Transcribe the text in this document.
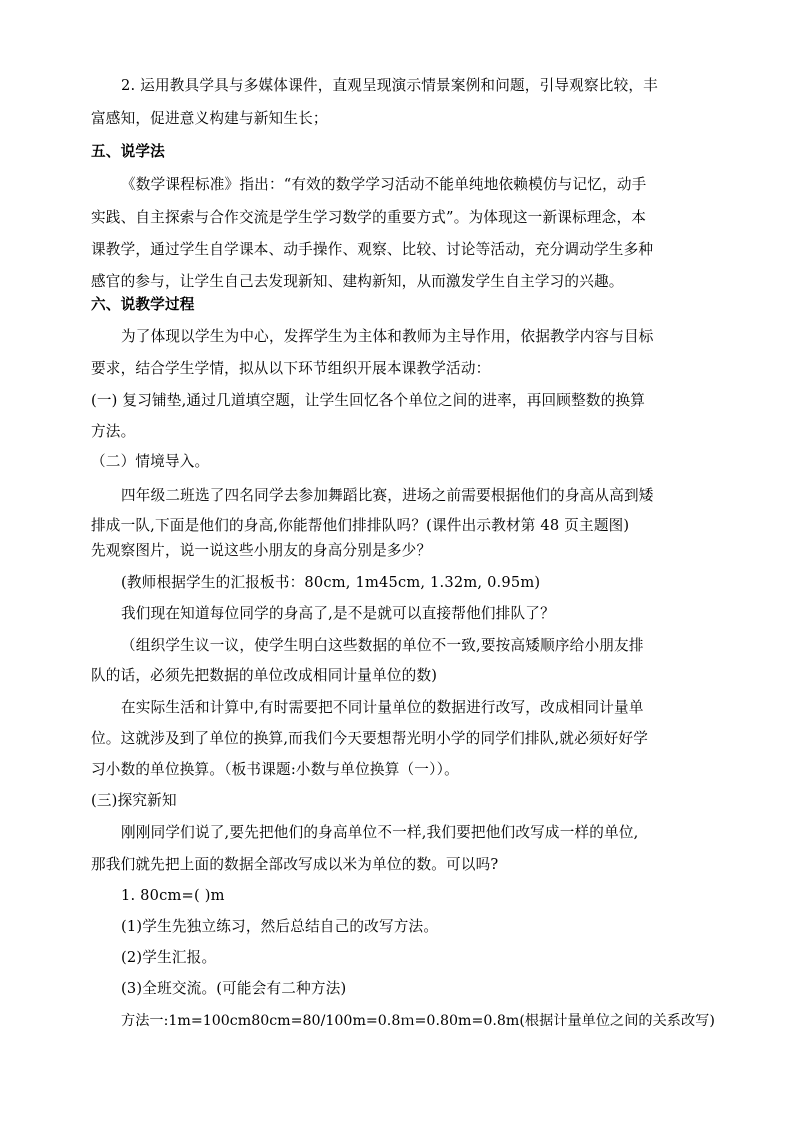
2. 运用教具学具与多媒体课件，直观呈现演示情景案例和问题，引导观察比较，丰
富感知，促进意义构建与新知生长；
五、说学法
《数学课程标准》指出：“有效的数学学习活动不能单纯地依赖模仿与记忆，动手
实践、自主探索与合作交流是学生学习数学的重要方式”。为体现这一新课标理念，本
课教学，通过学生自学课本、动手操作、观察、比较、讨论等活动，充分调动学生多种
感官的参与，让学生自己去发现新知、建构新知，从而激发学生自主学习的兴趣。
六、说教学过程
为了体现以学生为中心，发挥学生为主体和教师为主导作用，依据教学内容与目标
要求，结合学生学情，拟从以下环节组织开展本课教学活动：
(一) 复习铺垫,通过几道填空题，让学生回忆各个单位之间的进率，再回顾整数的换算
方法。
（二）情境导入。
四年级二班选了四名同学去参加舞蹈比赛，进场之前需要根据他们的身高从高到矮
排成一队,下面是他们的身高,你能帮他们排排队吗？(课件出示教材第 48 页主题图)
先观察图片，说一说这些小朋友的身高分别是多少？
(教师根据学生的汇报板书：80cm, 1m45cm, 1.32m, 0.95m)
我们现在知道每位同学的身高了,是不是就可以直接帮他们排队了？
（组织学生议一议，使学生明白这些数据的单位不一致,要按高矮顺序给小朋友排
队的话，必须先把数据的单位改成相同计量单位的数)
在实际生活和计算中,有时需要把不同计量单位的数据进行改写，改成相同计量单
位。这就涉及到了单位的换算,而我们今天要想帮光明小学的同学们排队,就必须好好学
习小数的单位换算。（板书课题:小数与单位换算（一））。
(三)探究新知
刚刚同学们说了,要先把他们的身高单位不一样,我们要把他们改写成一样的单位,
那我们就先把上面的数据全部改写成以米为单位的数。可以吗?
1. 80cm=( )m
(1)学生先独立练习，然后总结自己的改写方法。
(2)学生汇报。
(3)全班交流。(可能会有二种方法)
方法一:1m=100cm80cm=80/100m=0.8ｍ=0.80m=0.8m(根据计量单位之间的关系改写)
